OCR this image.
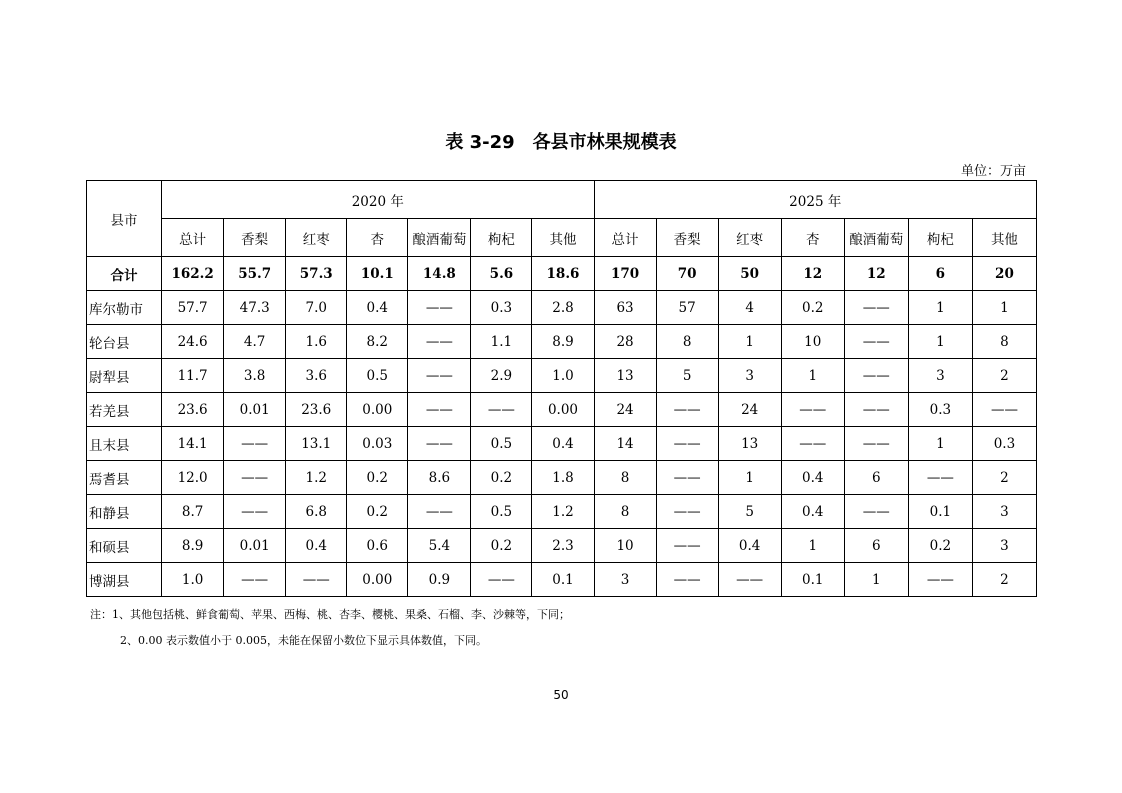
表 3-29　各县市林果规模表
单位：万亩
县市	2020 年							2025 年						
	总计	香梨	红枣	杏	酿酒葡萄	枸杞	其他	总计	香梨	红枣	杏	酿酒葡萄	枸杞	其他
合计	162.2	55.7	57.3	10.1	14.8	5.6	18.6	170	70	50	12	12	6	20
库尔勒市	57.7	47.3	7.0	0.4	——	0.3	2.8	63	57	4	0.2	——	1	1
轮台县	24.6	4.7	1.6	8.2	——	1.1	8.9	28	8	1	10	——	1	8
尉犁县	11.7	3.8	3.6	0.5	——	2.9	1.0	13	5	3	1	——	3	2
若羌县	23.6	0.01	23.6	0.00	——	——	0.00	24	——	24	——	——	0.3	——
且末县	14.1	——	13.1	0.03	——	0.5	0.4	14	——	13	——	——	1	0.3
焉耆县	12.0	——	1.2	0.2	8.6	0.2	1.8	8	——	1	0.4	6	——	2
和静县	8.7	——	6.8	0.2	——	0.5	1.2	8	——	5	0.4	——	0.1	3
和硕县	8.9	0.01	0.4	0.6	5.4	0.2	2.3	10	——	0.4	1	6	0.2	3
博湖县	1.0	——	——	0.00	0.9	——	0.1	3	——	——	0.1	1	——	2
注：1、其他包括桃、鲜食葡萄、苹果、西梅、桃、杏李、樱桃、果桑、石榴、李、沙棘等，下同；
2、0.00 表示数值小于 0.005，未能在保留小数位下显示具体数值，下同。
50
